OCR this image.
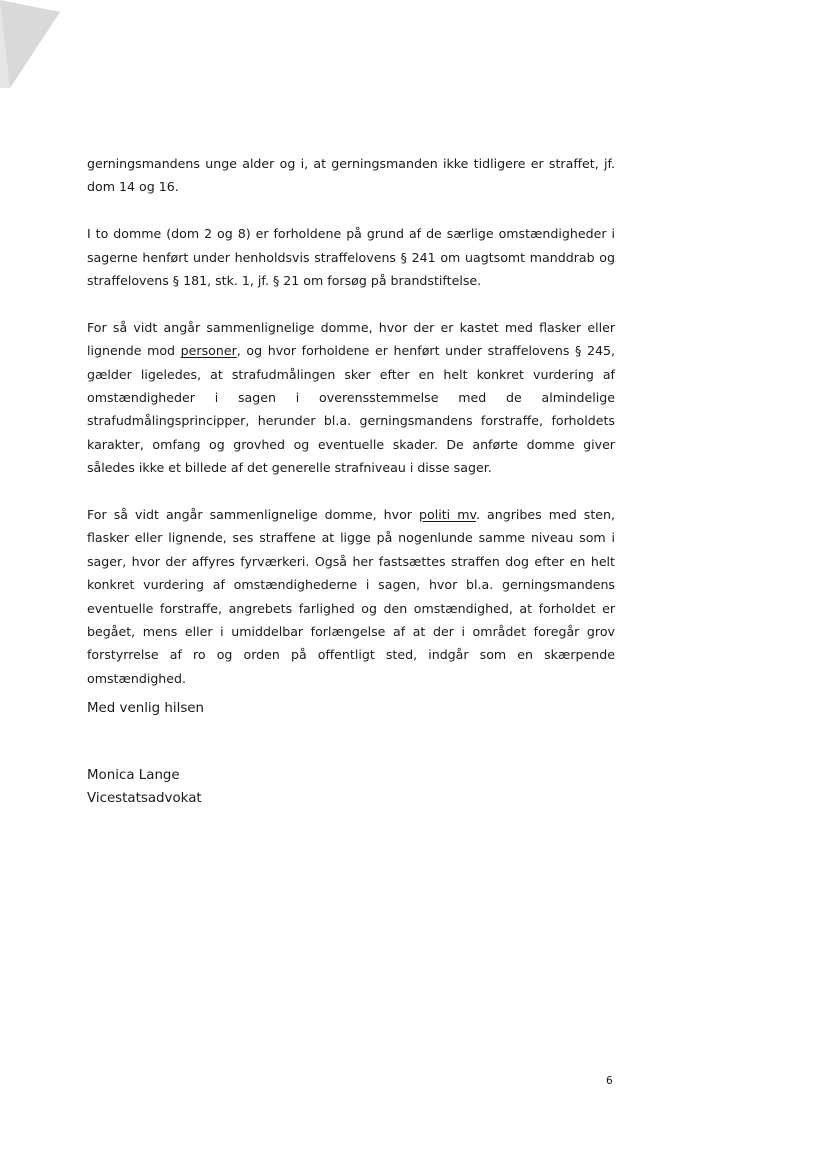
gerningsmandens unge alder og i, at gerningsmanden ikke tidligere er straffet, jf. dom 14 og 16.

I to domme (dom 2 og 8) er forholdene på grund af de særlige omstændigheder i sagerne henført under henholdsvis straffelovens § 241 om uagtsomt manddrab og straffelovens § 181, stk. 1, jf. § 21 om forsøg på brandstiftelse.

For så vidt angår sammenlignelige domme, hvor der er kastet med flasker eller lignende mod personer, og hvor forholdene er henført under straffelovens § 245, gælder ligeledes, at strafudmålingen sker efter en helt konkret vurdering af omstændigheder i sagen i overensstemmelse med de almindelige strafudmålingsprincipper, herunder bl.a. gerningsmandens forstraffe, forholdets karakter, omfang og grovhed og eventuelle skader. De anførte domme giver således ikke et billede af det generelle strafniveau i disse sager.

For så vidt angår sammenlignelige domme, hvor politi mv. angribes med sten, flasker eller lignende, ses straffene at ligge på nogenlunde samme niveau som i sager, hvor der affyres fyrværkeri. Også her fastsættes straffen dog efter en helt konkret vurdering af omstændighederne i sagen, hvor bl.a. gerningsmandens eventuelle forstraffe, angrebets farlighed og den omstændighed, at forholdet er begået, mens eller i umiddelbar forlængelse af at der i området foregår grov forstyrrelse af ro og orden på offentligt sted, indgår som en skærpende omstændighed.

Med venlig hilsen

Monica Lange
Vicestatsadvokat
6
